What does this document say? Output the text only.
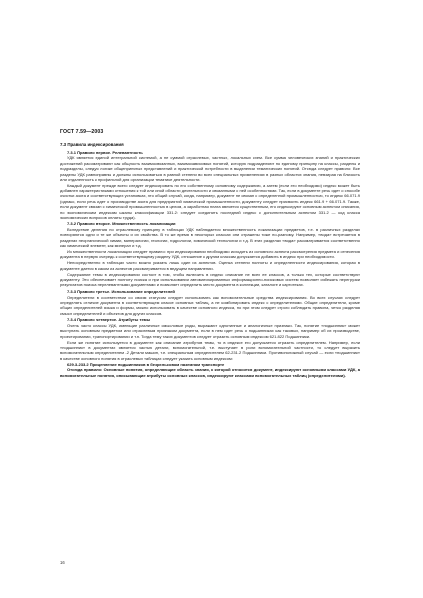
ГОСТ 7.59—2003
7.3 Правила индексирования
7.3.1 Правило первое. Релевантность
УДК является единой интегральной системой, а не суммой отраслевых, частных, локальных схем. Все сумма человеческих знаний и практических достижений рассматривают как общность взаимосвязанных, взаимозависимых понятий, которую подразделяют по единому принципу на классы, разделы и подразделы, следуя логике общепринятых представлений и практической потребности в выделении тематических понятий. Отсюда следует правило: Все разделы УДК равноправны и должны использоваться в равной степени во всех специальных применениях в разных областях знания, невзирая на близость или отдаленность к профильной для организации тематике деятельности.
Каждый документ прежде всего следует индексировать по его собственному основному содержанию, а затем (если это необходимо) индекс может быть добавлен характеристиками отношения к той или иной области деятельности и связанными с ней особенностями. Так, если в документе речь идет о способе очистки азота и соответствующих установках, это общий случай, когда, например, документ не связан с определенной промышленностью, то индекс 66.071.9 (однако, если речь идет о производстве азота для предприятий химической промышленности, документу следует присвоить индекс 661.9 + 66.071.9. Также, если документ связан с химической промышленностью в целом, а заработная плата является существенным, его индексируют основным аспектом описания, по экономическим индексам шкалы классификации 331.2: следует соединить последний индекс с дополнительным аспектом 331.2 — код класса экономических вопросов оплаты труда).
7.3.2 Правило второе. Множественность локализации
Вследствие деления по отраслевому принципу в таблицах УДК наблюдается множественность локализации предметов, т.е. в различных разделах повторяются одни и те же объекты и их свойства. В то же время в некоторых классах они отражены тоже по-разному. Например, «вода» встречается в разделах неорганической химии, минералогии, геологии, гидрологии, химической технологии и т.д. В этих разделах «вода» рассматривается соответственно как химический элемент, как минерал и т.д.
Из множественности локализации следует правило: при индексировании необходимо исходить из основного аспекта рассмотрения предмета и отнесения документа в первую очередь к соответствующему разделу УДК, отношение к другим классам допускается добавить в индекс при необходимости.
Непосредственно в таблицах часто можно указать лишь один из аспектов. Оценка степени полноты и определенности индексирования, которая в документе дается в каком из аспектов рассматривается в ведущем направлении.
Содержание темы в индексировании состоит в том, чтобы включить в индекс описание не всех ее классов, а только тех, которые соответствуют документу. Это обеспечивает полноту поиска и при использовании автоматизированных информационно-поисковых систем позволяет избежать перегрузки результатов поиска нерелевантными документами и позволяет определить место документа в коллекции, каталоге и картотеках.
7.3.3 Правило третье. Использование определителей
Определители в соответствии со своим статусом следует использовать как вспомогательные средства индексирования. Во всех случаях следует определять отличие документа в соответствующем классе основных таблиц, а не комбинировать индекс с определителями. Общие определители, кроме общих определителей языка и формы, можно использовать в качестве основного индекса, но при этом следует строго соблюдать правила, четко разделяя смысл определителей и объектов для других классов.
7.3.4 Правило четвертое. Атрибуты темы
Очень часто классы УДК, имеющие различные смысловые ряды, выражают однотипные и аналогичные признаки. Так, понятие «подшипник» может выступать основным предметом или отраслевым признаком документа, если в нем идет речь о подшипниках как таковых, например об их производстве, проектировании, транспортировании и т.п. Тогда тему таких документов следует отразить основным индексом 621.822 Подшипники.
Если же понятие используется в документе как описание атрибутов темы, то в индексе его допускается отразить определителем. Например, если «подшипник» в документах является частью детали, вспомогательной, т.е. выступает в роли вспомогательной частности, то следует выразить вспомогательным определителем -2 Детали машин, т.е. специальным определителем 62-231.2 Подшипники. Противоположный случай — если «подшипник» в качестве основного понятия в отраслевых таблицах следует указать основным индексом:
629.3-233.2 Прицепление подшипников в безрельсовом наземном транспорте
Отсюда правило: Основные понятия, определяющие область знания, к которой относится документ, индексируют основными классами УДК, а вспомогательные понятия, описывающие атрибуты основных классов, индексируют классами вспомогательных таблиц (определителями).
16
